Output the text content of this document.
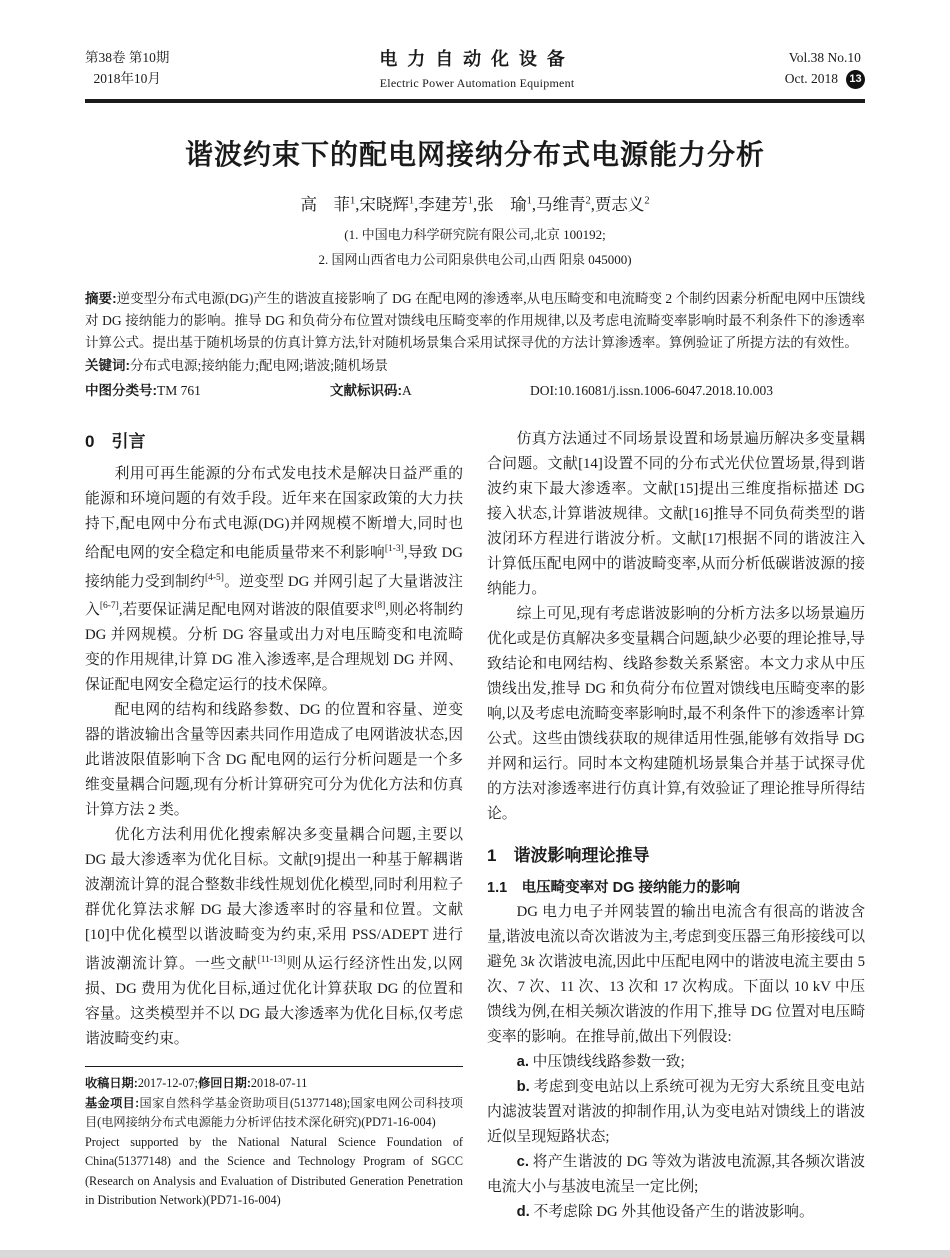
第38卷 第10期
2018年10月
电力自动化设备
Electric Power Automation Equipment
Vol.38 No.10
Oct. 2018	13
谐波约束下的配电网接纳分布式电源能力分析
高　菲$^1$,宋晓辉$^1$,李建芳$^1$,张　瑜$^1$,马维青$^2$,贾志义$^2$
(1. 中国电力科学研究院有限公司,北京 100192;
2. 国网山西省电力公司阳泉供电公司,山西 阳泉 045000)

摘要:逆变型分布式电源(DG)产生的谐波直接影响了 DG 在配电网的渗透率,从电压畸变和电流畸变 2 个制约因素分析配电网中压馈线对 DG 接纳能力的影响。推导 DG 和负荷分布位置对馈线电压畸变率的作用规律,以及考虑电流畸变率影响时最不利条件下的渗透率计算公式。提出基于随机场景的仿真计算方法,针对随机场景集合采用试探寻优的方法计算渗透率。算例验证了所提方法的有效性。

关键词:分布式电源;接纳能力;配电网;谐波;随机场景

中图分类号:TM 761	文献标识码:A	DOI:10.16081/j.issn.1006-6047.2018.10.003
0　引言

利用可再生能源的分布式发电技术是解决日益严重的能源和环境问题的有效手段。近年来在国家政策的大力扶持下,配电网中分布式电源(DG)并网规模不断增大,同时也给配电网的安全稳定和电能质量带来不利影响[1-3],导致 DG 接纳能力受到制约[4-5]。逆变型 DG 并网引起了大量谐波注入[6-7],若要保证满足配电网对谐波的限值要求[8],则必将制约 DG 并网规模。分析 DG 容量或出力对电压畸变和电流畸变的作用规律,计算 DG 准入渗透率,是合理规划 DG 并网、保证配电网安全稳定运行的技术保障。

配电网的结构和线路参数、DG 的位置和容量、逆变器的谐波输出含量等因素共同作用造成了电网谐波状态,因此谐波限值影响下含 DG 配电网的运行分析问题是一个多维变量耦合问题,现有分析计算研究可分为优化方法和仿真计算方法 2 类。

优化方法利用优化搜索解决多变量耦合问题,主要以 DG 最大渗透率为优化目标。文献[9]提出一种基于解耦谐波潮流计算的混合整数非线性规划优化模型,同时利用粒子群优化算法求解 DG 最大渗透率时的容量和位置。文献[10]中优化模型以谐波畸变为约束,采用 PSS/ADEPT 进行谐波潮流计算。一些文献[11-13]则从运行经济性出发,以网损、DG 费用为优化目标,通过优化计算获取 DG 的位置和容量。这类模型并不以 DG 最大渗透率为优化目标,仅考虑谐波畸变约束。

收稿日期:2017-12-07;修回日期:2018-07-11

基金项目:国家自然科学基金资助项目(51377148);国家电网公司科技项目(电网接纳分布式电源能力分析评估技术深化研究)(PD71-16-004)

Project supported by the National Natural Science Foundation of China(51377148) and the Science and Technology Program of SGCC (Research on Analysis and Evaluation of Distributed Generation Penetration in Distribution Network)(PD71-16-004)

仿真方法通过不同场景设置和场景遍历解决多变量耦合问题。文献[14]设置不同的分布式光伏位置场景,得到谐波约束下最大渗透率。文献[15]提出三维度指标描述 DG 接入状态,计算谐波规律。文献[16]推导不同负荷类型的谐波闭环方程进行谐波分析。文献[17]根据不同的谐波注入计算低压配电网中的谐波畸变率,从而分析低碳谐波源的接纳能力。

综上可见,现有考虑谐波影响的分析方法多以场景遍历优化或是仿真解决多变量耦合问题,缺少必要的理论推导,导致结论和电网结构、线路参数关系紧密。本文力求从中压馈线出发,推导 DG 和负荷分布位置对馈线电压畸变率的影响,以及考虑电流畸变率影响时,最不利条件下的渗透率计算公式。这些由馈线获取的规律适用性强,能够有效指导 DG 并网和运行。同时本文构建随机场景集合并基于试探寻优的方法对渗透率进行仿真计算,有效验证了理论推导所得结论。

1　谐波影响理论推导
1.1　电压畸变率对 DG 接纳能力的影响

DG 电力电子并网装置的输出电流含有很高的谐波含量,谐波电流以奇次谐波为主,考虑到变压器三角形接线可以避免 3k 次谐波电流,因此中压配电网中的谐波电流主要由 5 次、7 次、11 次、13 次和 17 次构成。下面以 10 kV 中压馈线为例,在相关频次谐波的作用下,推导 DG 位置对电压畸变率的影响。在推导前,做出下列假设:

a. 中压馈线线路参数一致;

b. 考虑到变电站以上系统可视为无穷大系统且变电站内滤波装置对谐波的抑制作用,认为变电站对馈线上的谐波近似呈现短路状态;

c. 将产生谐波的 DG 等效为谐波电流源,其各频次谐波电流大小与基波电流呈一定比例;

d. 不考虑除 DG 外其他设备产生的谐波影响。
